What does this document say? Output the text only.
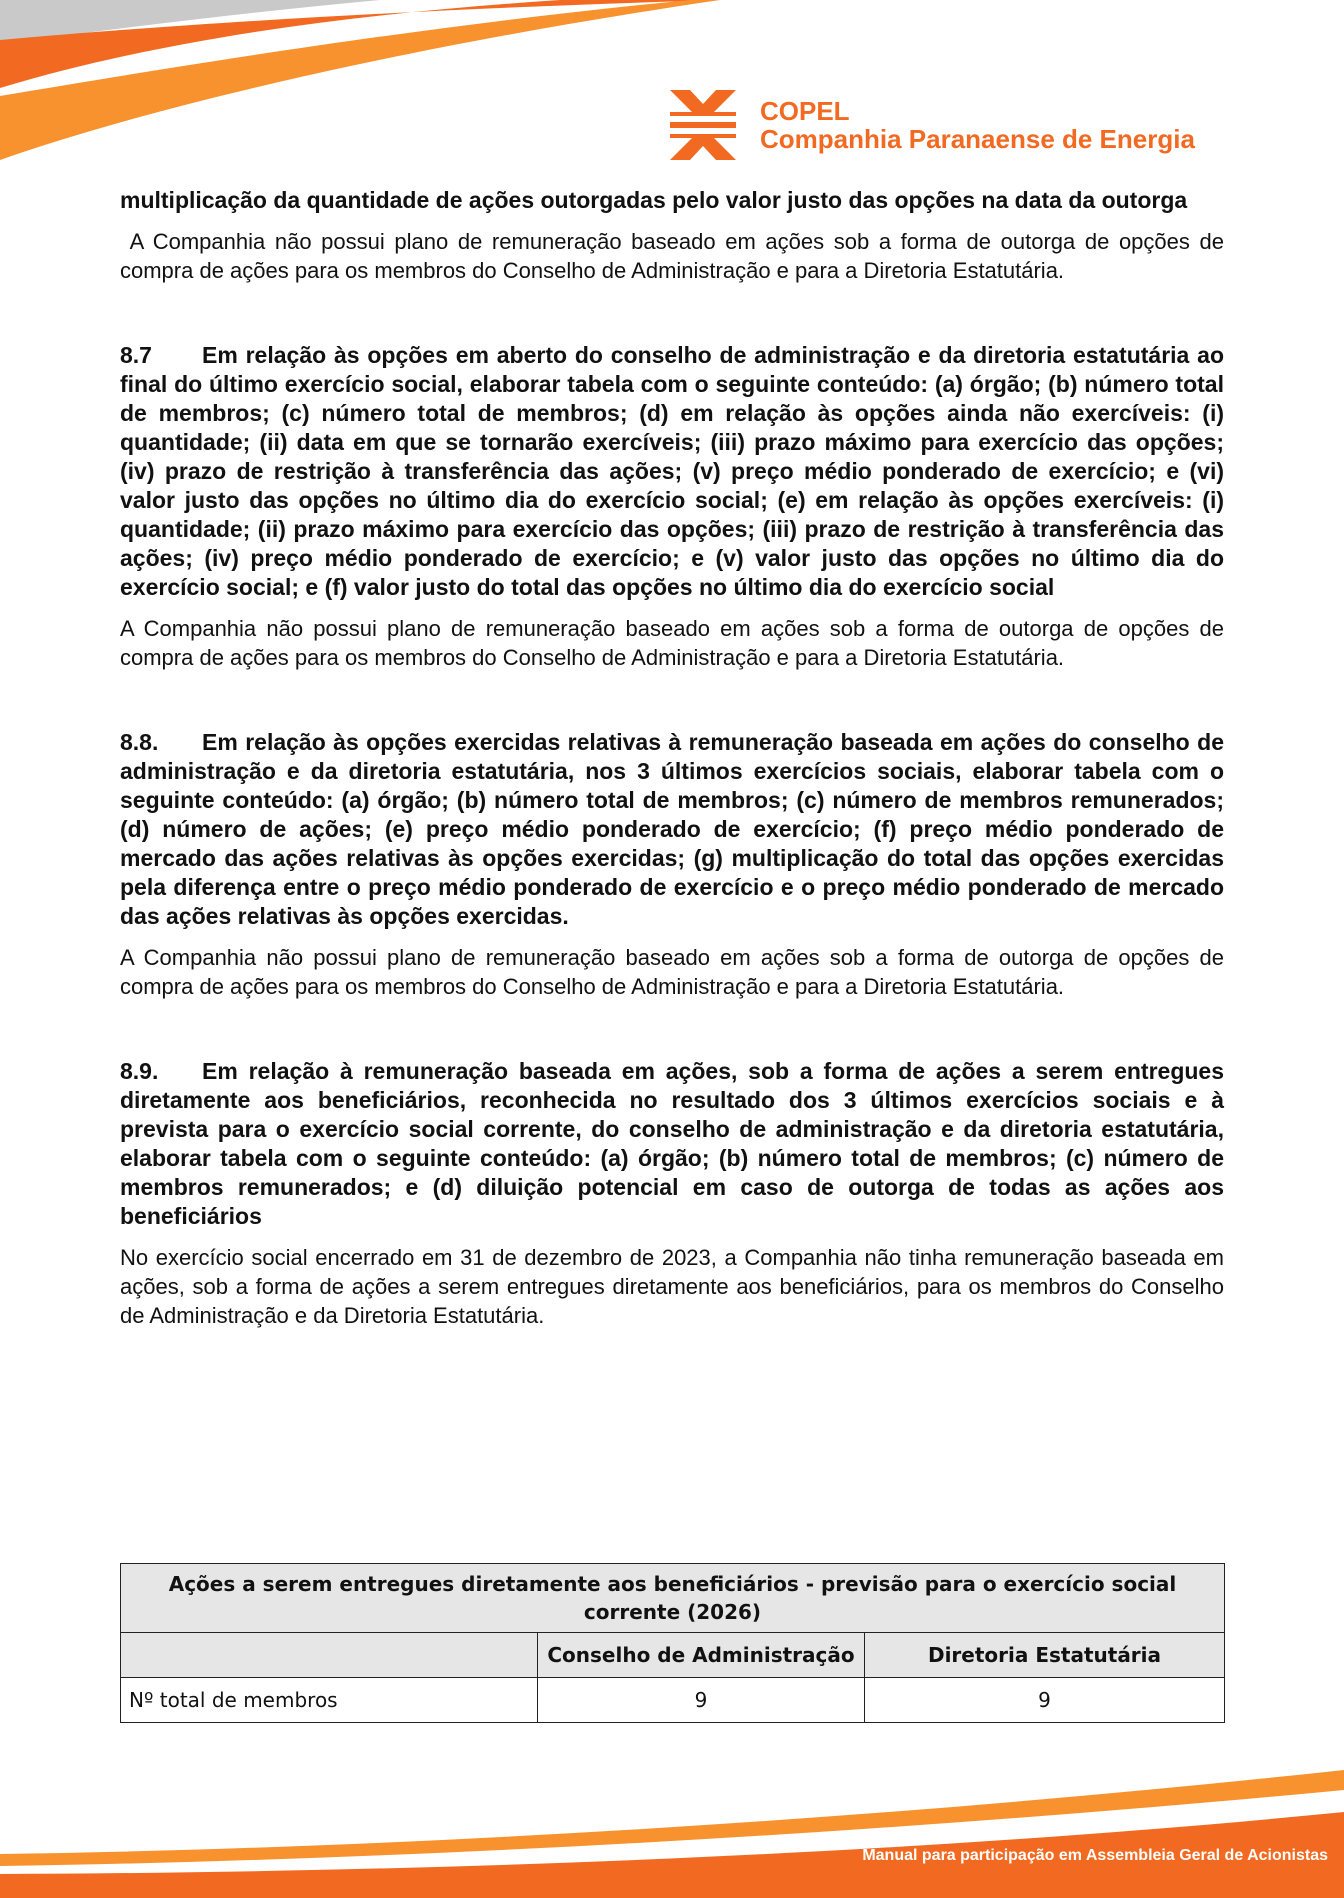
COPEL
Companhia Paranaense de Energia

multiplicação da quantidade de ações outorgadas pelo valor justo das opções na data da outorga

A Companhia não possui plano de remuneração baseado em ações sob a forma de outorga de opções de compra de ações para os membros do Conselho de Administração e para a Diretoria Estatutária.

8.7 Em relação às opções em aberto do conselho de administração e da diretoria estatutária ao final do último exercício social, elaborar tabela com o seguinte conteúdo: (a) órgão; (b) número total de membros; (c) número total de membros; (d) em relação às opções ainda não exercíveis: (i) quantidade; (ii) data em que se tornarão exercíveis; (iii) prazo máximo para exercício das opções; (iv) prazo de restrição à transferência das ações; (v) preço médio ponderado de exercício; e (vi) valor justo das opções no último dia do exercício social; (e) em relação às opções exercíveis: (i) quantidade; (ii) prazo máximo para exercício das opções; (iii) prazo de restrição à transferência das ações; (iv) preço médio ponderado de exercício; e (v) valor justo das opções no último dia do exercício social; e (f) valor justo do total das opções no último dia do exercício social

A Companhia não possui plano de remuneração baseado em ações sob a forma de outorga de opções de compra de ações para os membros do Conselho de Administração e para a Diretoria Estatutária.

8.8. Em relação às opções exercidas relativas à remuneração baseada em ações do conselho de administração e da diretoria estatutária, nos 3 últimos exercícios sociais, elaborar tabela com o seguinte conteúdo: (a) órgão; (b) número total de membros; (c) número de membros remunerados; (d) número de ações; (e) preço médio ponderado de exercício; (f) preço médio ponderado de mercado das ações relativas às opções exercidas; (g) multiplicação do total das opções exercidas pela diferença entre o preço médio ponderado de exercício e o preço médio ponderado de mercado das ações relativas às opções exercidas.

A Companhia não possui plano de remuneração baseado em ações sob a forma de outorga de opções de compra de ações para os membros do Conselho de Administração e para a Diretoria Estatutária.

8.9. Em relação à remuneração baseada em ações, sob a forma de ações a serem entregues diretamente aos beneficiários, reconhecida no resultado dos 3 últimos exercícios sociais e à prevista para o exercício social corrente, do conselho de administração e da diretoria estatutária, elaborar tabela com o seguinte conteúdo: (a) órgão; (b) número total de membros; (c) número de membros remunerados; e (d) diluição potencial em caso de outorga de todas as ações aos beneficiários

No exercício social encerrado em 31 de dezembro de 2023, a Companhia não tinha remuneração baseada em ações, sob a forma de ações a serem entregues diretamente aos beneficiários, para os membros do Conselho de Administração e da Diretoria Estatutária.

Ações a serem entregues diretamente aos beneficiários - previsão para o exercício social corrente (2026)		
	Conselho de Administração	Diretoria Estatutária
Nº total de membros	9	9
Manual para participação em Assembleia Geral de Acionistas
